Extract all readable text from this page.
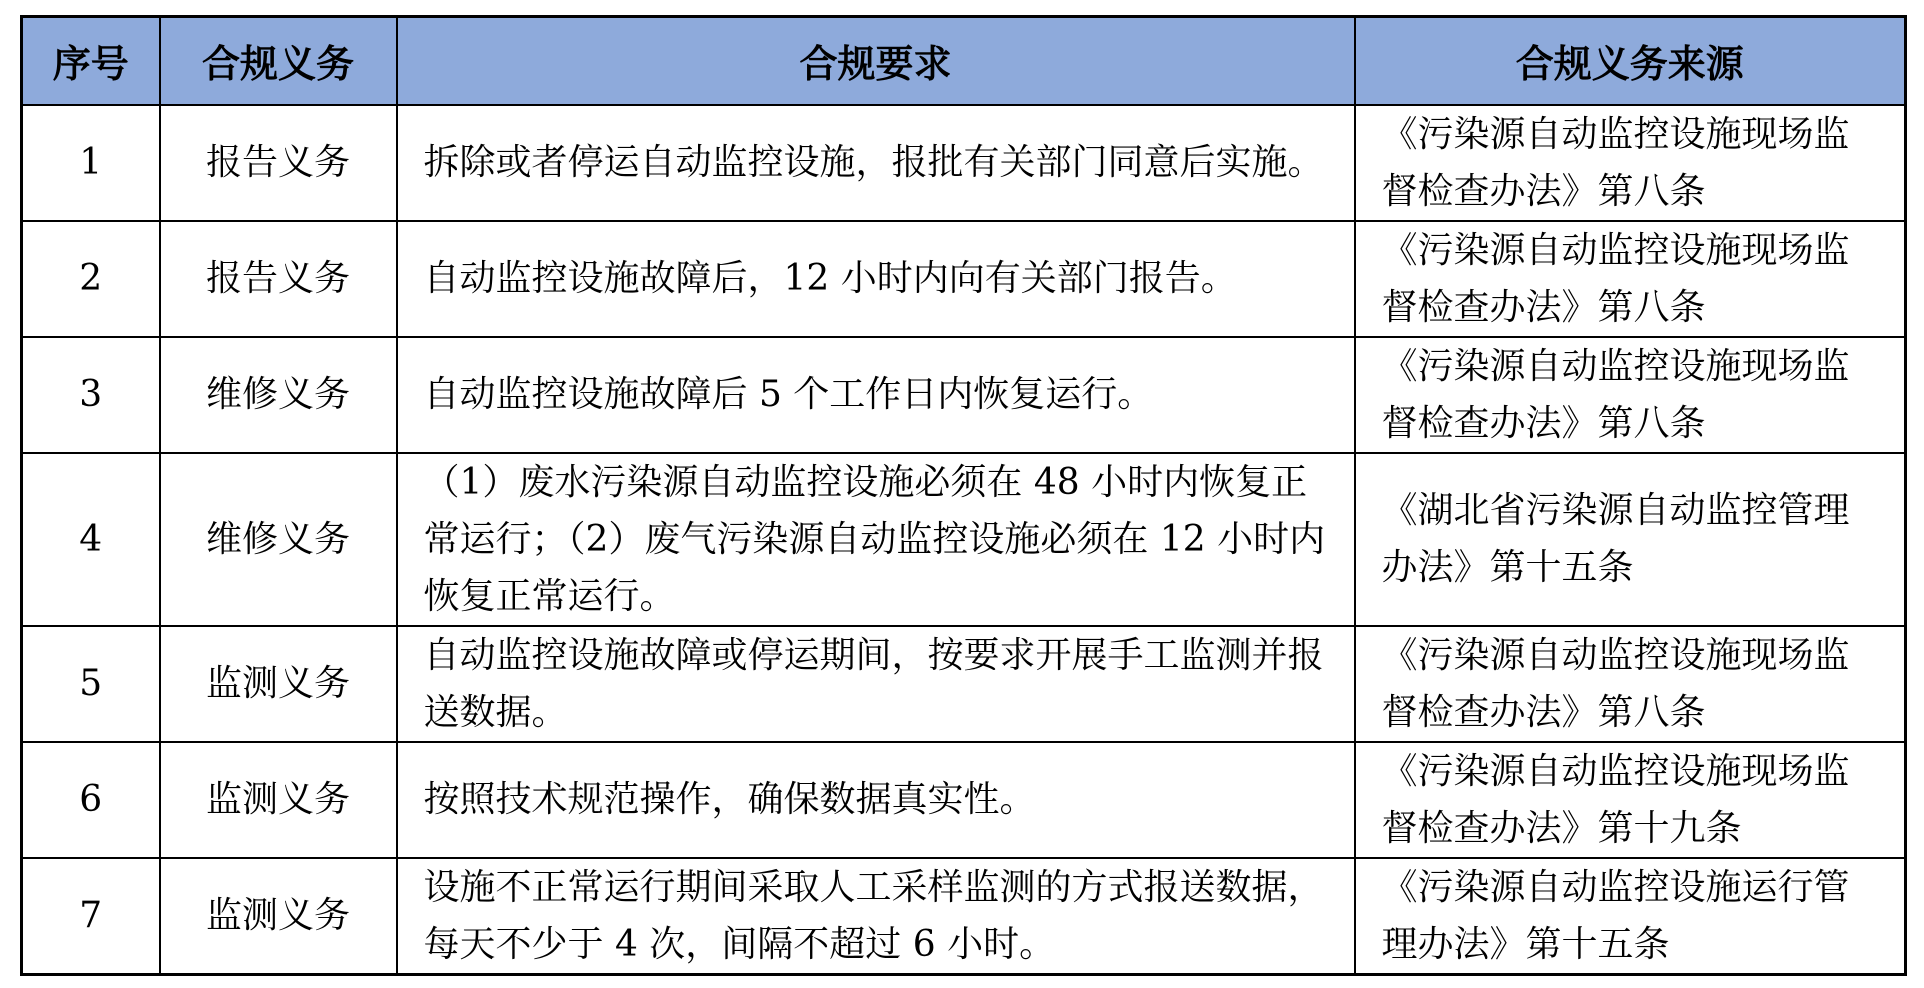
序号	合规义务	合规要求	合规义务来源
1	报告义务	拆除或者停运自动监控设施，报批有关部门同意后实施。	《污染源自动监控设施现场监督检查办法》第八条
2	报告义务	自动监控设施故障后，12 小时内向有关部门报告。	《污染源自动监控设施现场监督检查办法》第八条
3	维修义务	自动监控设施故障后 5 个工作日内恢复运行。	《污染源自动监控设施现场监督检查办法》第八条
4	维修义务	（1）废水污染源自动监控设施必须在 48 小时内恢复正常运行；（2）废气污染源自动监控设施必须在 12 小时内恢复正常运行。	《湖北省污染源自动监控管理办法》第十五条
5	监测义务	自动监控设施故障或停运期间，按要求开展手工监测并报送数据。	《污染源自动监控设施现场监督检查办法》第八条
6	监测义务	按照技术规范操作，确保数据真实性。	《污染源自动监控设施现场监督检查办法》第十九条
7	监测义务	设施不正常运行期间采取人工采样监测的方式报送数据，每天不少于 4 次，间隔不超过 6 小时。	《污染源自动监控设施运行管理办法》第十五条
